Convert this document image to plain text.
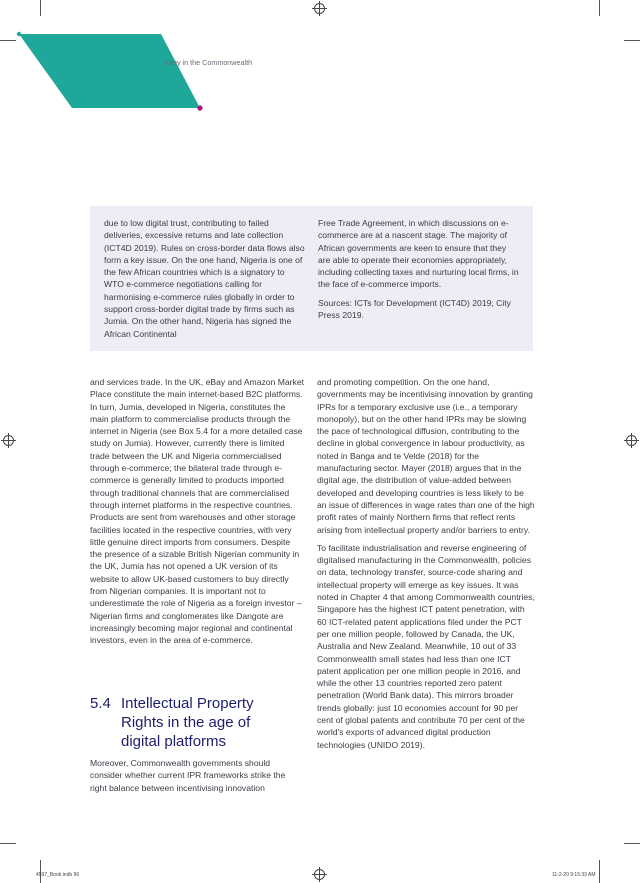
nomy in the Commonwealth

due to low digital trust, contributing to failed deliveries, excessive returns and late collection (ICT4D 2019). Rules on cross-border data flows also form a key issue. On the one hand, Nigeria is one of the few African countries which is a signatory to WTO e-commerce negotiations calling for harmonising e-commerce rules globally in order to support cross-border digital trade by firms such as Jumia. On the other hand, Nigeria has signed the African Continental

Free Trade Agreement, in which discussions on e-commerce are at a nascent stage. The majority of African governments are keen to ensure that they are able to operate their economies appropriately, including collecting taxes and nurturing local firms, in the face of e-commerce imports.

Sources: ICTs for Development (ICT4D) 2019; City Press 2019.

and services trade. In the UK, eBay and Amazon Market Place constitute the main internet-based B2C platforms. In turn, Jumia, developed in Nigeria, constitutes the main platform to commercialise products through the internet in Nigeria (see Box 5.4 for a more detailed case study on Jumia). However, currently there is limited trade between the UK and Nigeria commercialised through e-commerce; the bilateral trade through e-commerce is generally limited to products imported through traditional channels that are commercialised through internet platforms in the respective countries. Products are sent from warehouses and other storage facilities located in the respective countries, with very little genuine direct imports from consumers. Despite the presence of a sizable British Nigerian community in the UK, Jumia has not opened a UK version of its website to allow UK-based customers to buy directly from Nigerian companies. It is important not to underestimate the role of Nigeria as a foreign investor – Nigerian firms and conglomerates like Dangote are increasingly becoming major regional and continental investors, even in the area of e-commerce.

5.4 Intellectual Property Rights in the age of digital platforms

Moreover, Commonwealth governments should consider whether current IPR frameworks strike the right balance between incentivising innovation

and promoting competition. On the one hand, governments may be incentivising innovation by granting IPRs for a temporary exclusive use (i.e., a temporary monopoly), but on the other hand IPRs may be slowing the pace of technological diffusion, contributing to the decline in global convergence in labour productivity, as noted in Banga and te Velde (2018) for the manufacturing sector. Mayer (2018) argues that in the digital age, the distribution of value-added between developed and developing countries is less likely to be an issue of differences in wage rates than one of the high profit rates of mainly Northern firms that reflect rents arising from intellectual property and/or barriers to entry.

To facilitate industrialisation and reverse engineering of digitalised manufacturing in the Commonwealth, policies on data, technology transfer, source-code sharing and intellectual property will emerge as key issues. It was noted in Chapter 4 that among Commonwealth countries, Singapore has the highest ICT patent penetration, with 60 ICT-related patent applications filed under the PCT per one million people, followed by Canada, the UK, Australia and New Zealand. Meanwhile, 10 out of 33 Commonwealth small states had less than one ICT patent application per one million people in 2016, and while the other 13 countries reported zero patent penetration (World Bank data). This mirrors broader trends globally: just 10 economies account for 90 per cent of global patents and contribute 70 per cent of the world's exports of advanced digital production technologies (UNIDO 2019).

4597_Book.indb 96	11-2-20 9:15:33 AM
